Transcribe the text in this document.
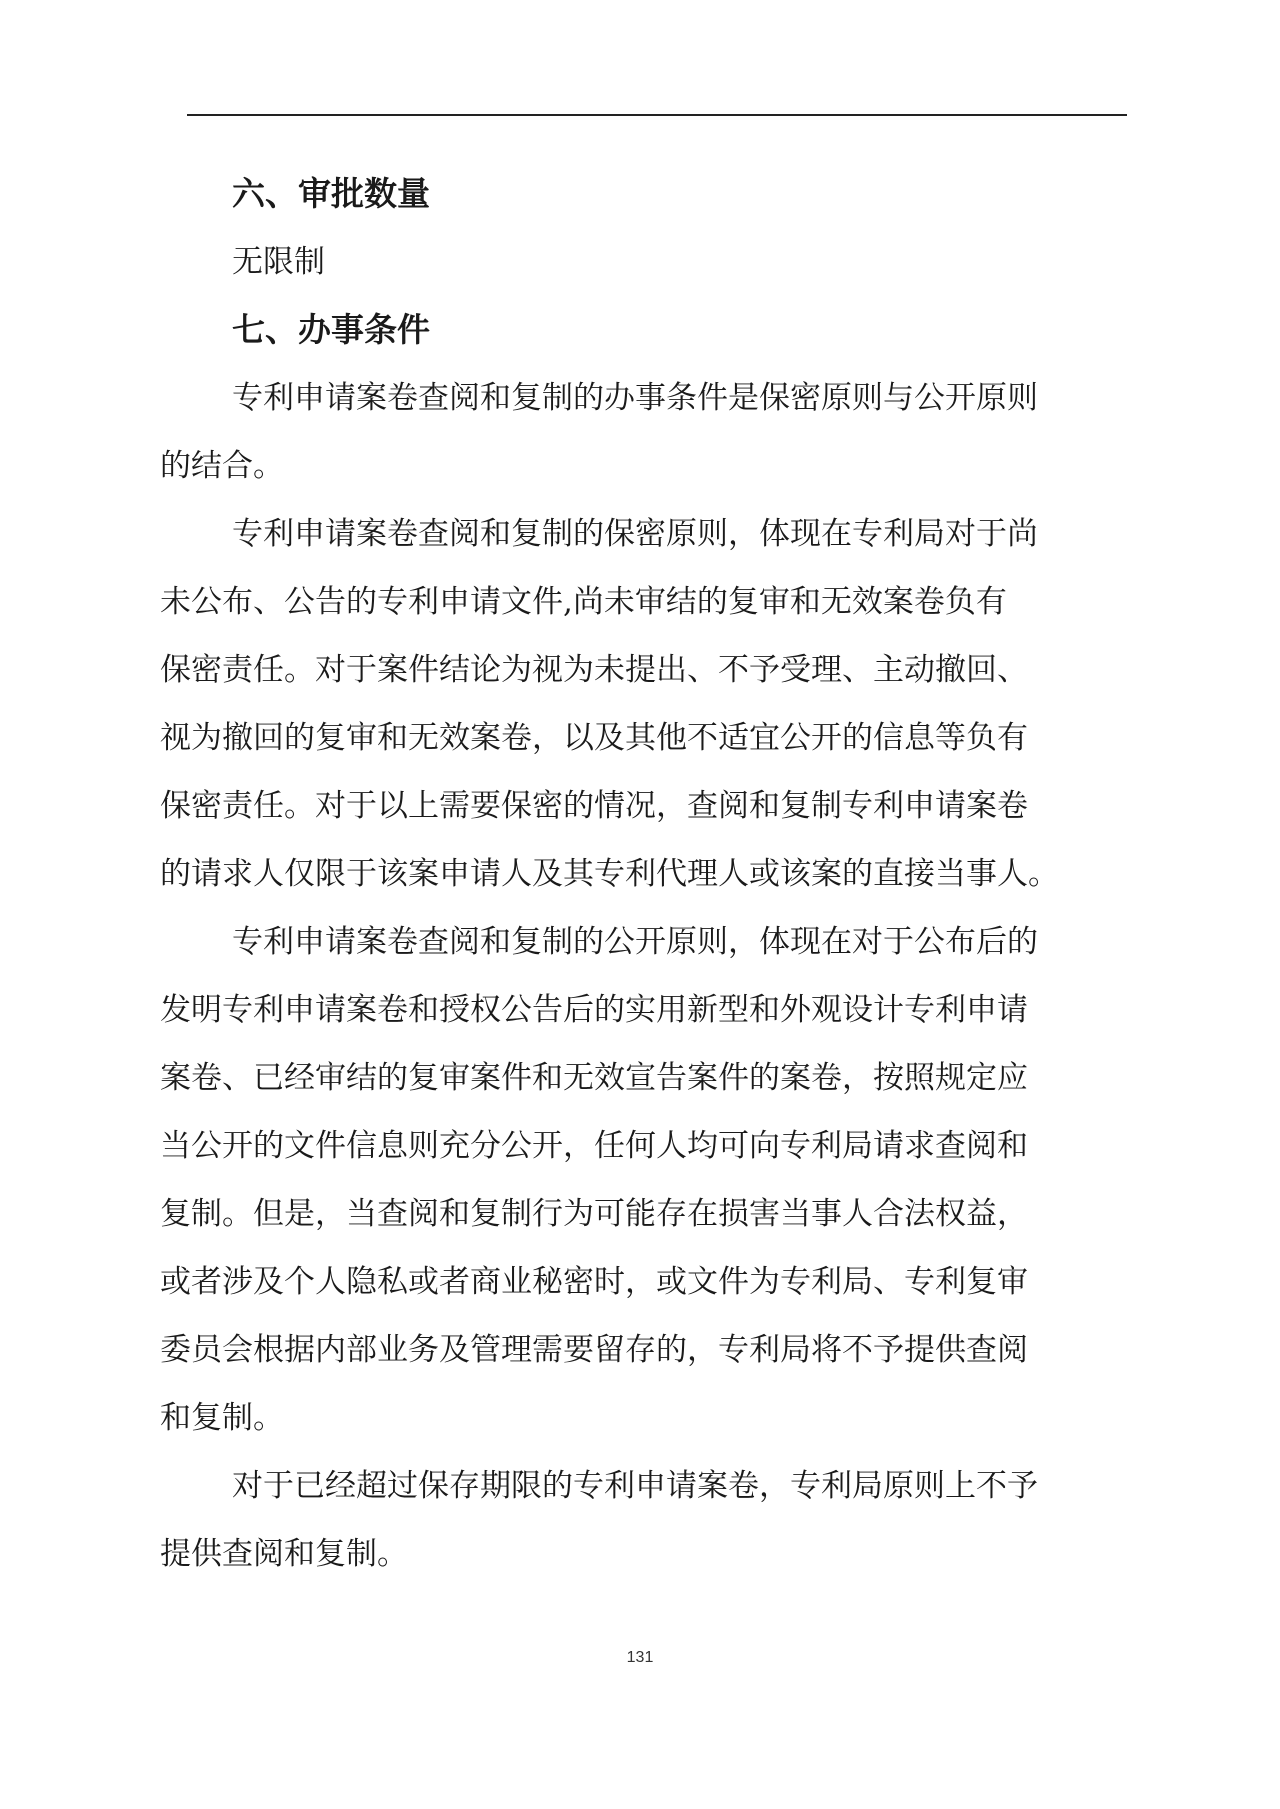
六、审批数量
无限制
七、办事条件
专利申请案卷查阅和复制的办事条件是保密原则与公开原则
的结合。
专利申请案卷查阅和复制的保密原则，体现在专利局对于尚
未公布、公告的专利申请文件,尚未审结的复审和无效案卷负有
保密责任。对于案件结论为视为未提出、不予受理、主动撤回、
视为撤回的复审和无效案卷，以及其他不适宜公开的信息等负有
保密责任。对于以上需要保密的情况，查阅和复制专利申请案卷
的请求人仅限于该案申请人及其专利代理人或该案的直接当事人。
专利申请案卷查阅和复制的公开原则，体现在对于公布后的
发明专利申请案卷和授权公告后的实用新型和外观设计专利申请
案卷、已经审结的复审案件和无效宣告案件的案卷，按照规定应
当公开的文件信息则充分公开，任何人均可向专利局请求查阅和
复制。但是，当查阅和复制行为可能存在损害当事人合法权益，
或者涉及个人隐私或者商业秘密时，或文件为专利局、专利复审
委员会根据内部业务及管理需要留存的，专利局将不予提供查阅
和复制。
对于已经超过保存期限的专利申请案卷，专利局原则上不予
提供查阅和复制。
131
